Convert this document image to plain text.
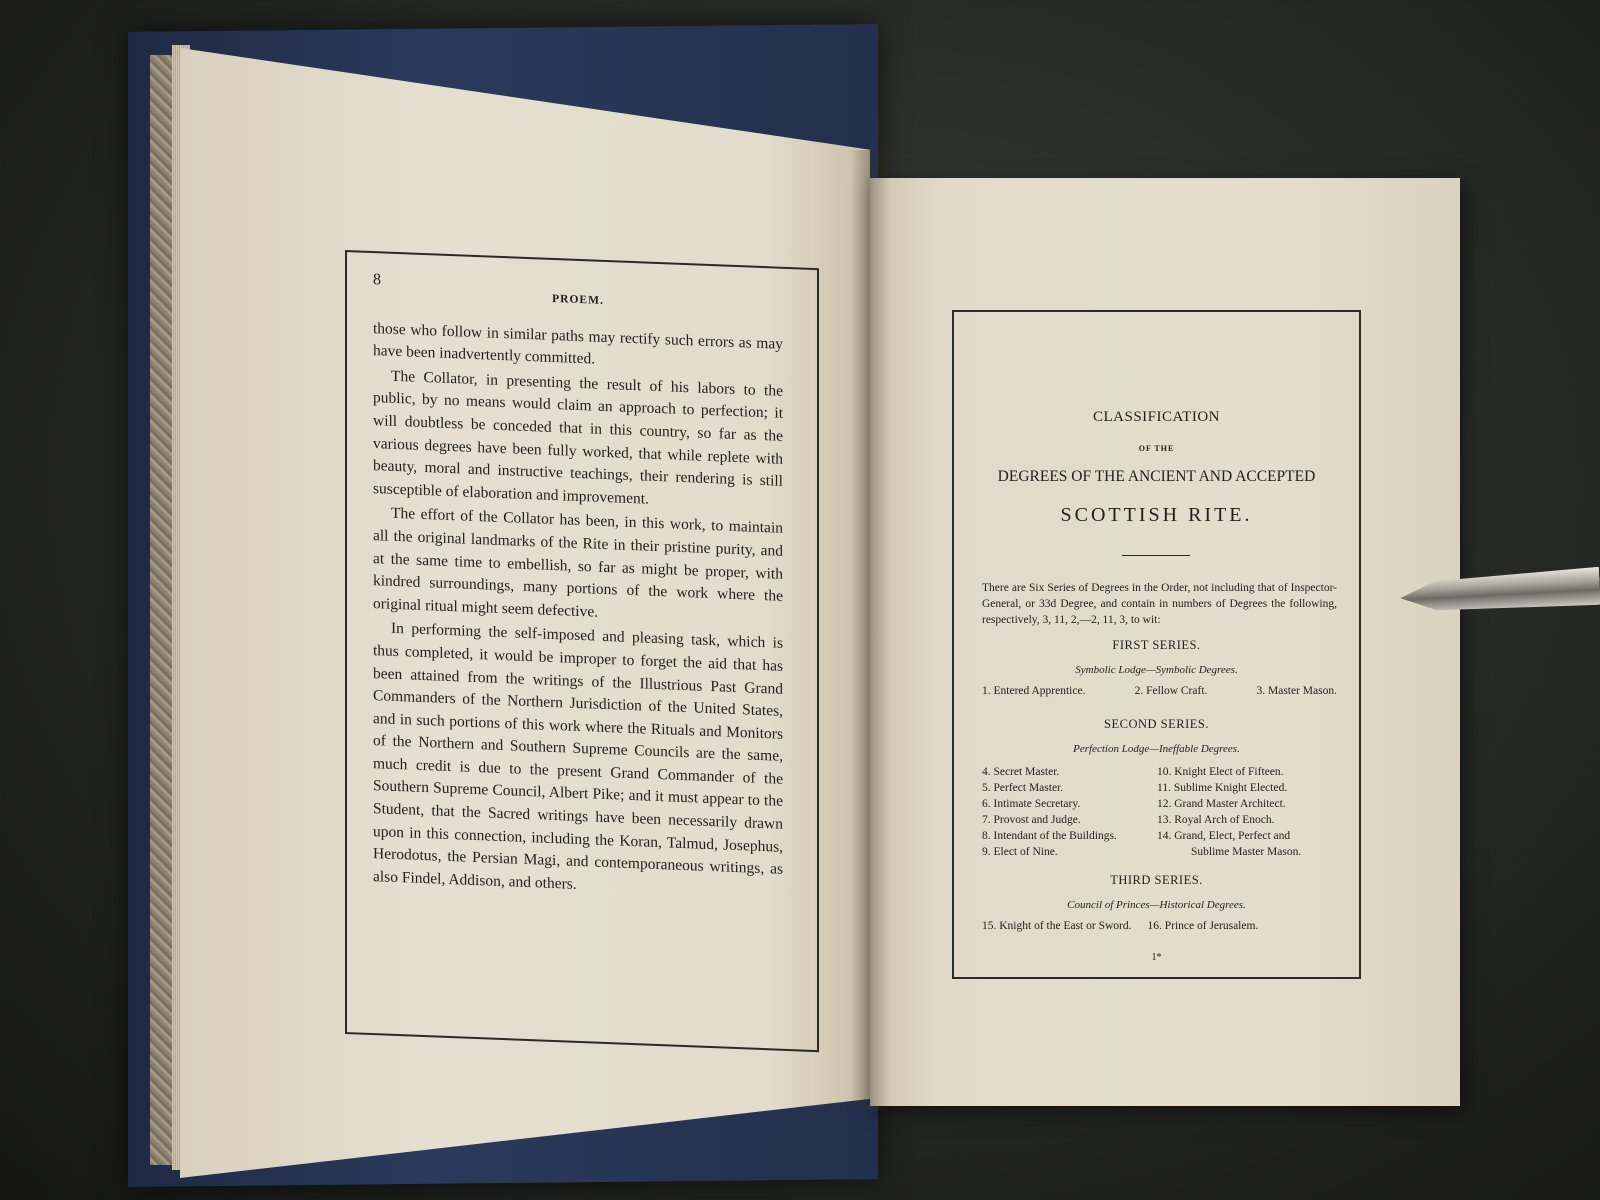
8
PROEM.

those who follow in similar paths may rectify such errors as may have been inadvertently committed.

The Collator, in presenting the result of his labors to the public, by no means would claim an approach to perfection; it will doubtless be conceded that in this country, so far as the various degrees have been fully worked, that while replete with beauty, moral and instructive teachings, their rendering is still susceptible of elaboration and improvement.

The effort of the Collator has been, in this work, to maintain all the original landmarks of the Rite in their pristine purity, and at the same time to embellish, so far as might be proper, with kindred surroundings, many portions of the work where the original ritual might seem defective.

In performing the self-imposed and pleasing task, which is thus completed, it would be improper to forget the aid that has been attained from the writings of the Illustrious Past Grand Commanders of the Northern Jurisdiction of the United States, and in such portions of this work where the Rituals and Monitors of the Northern and Southern Supreme Councils are the same, much credit is due to the present Grand Commander of the Southern Supreme Council, Albert Pike; and it must appear to the Student, that the Sacred writings have been necessarily drawn upon in this connection, including the Koran, Talmud, Josephus, Herodotus, the Persian Magi, and contemporaneous writings, as also Findel, Addison, and others.

CLASSIFICATION
OF THE
DEGREES OF THE ANCIENT AND ACCEPTED
SCOTTISH RITE.
There are Six Series of Degrees in the Order, not including that of Inspector-General, or 33d Degree, and contain in numbers of Degrees the following, respectively, 3, 11, 2,—2, 11, 3, to wit:
FIRST SERIES.
Symbolic Lodge—Symbolic Degrees.
1. Entered Apprentice.	2. Fellow Craft.	3. Master Mason.
SECOND SERIES.
Perfection Lodge—Ineffable Degrees.
4. Secret Master.
5. Perfect Master.
6. Intimate Secretary.
7. Provost and Judge.
8. Intendant of the Buildings.
9. Elect of Nine.
10. Knight Elect of Fifteen.
11. Sublime Knight Elected.
12. Grand Master Architect.
13. Royal Arch of Enoch.
14. Grand, Elect, Perfect and
Sublime Master Mason.
THIRD SERIES.
Council of Princes—Historical Degrees.
15. Knight of the East or Sword. 16. Prince of Jerusalem.
1*
